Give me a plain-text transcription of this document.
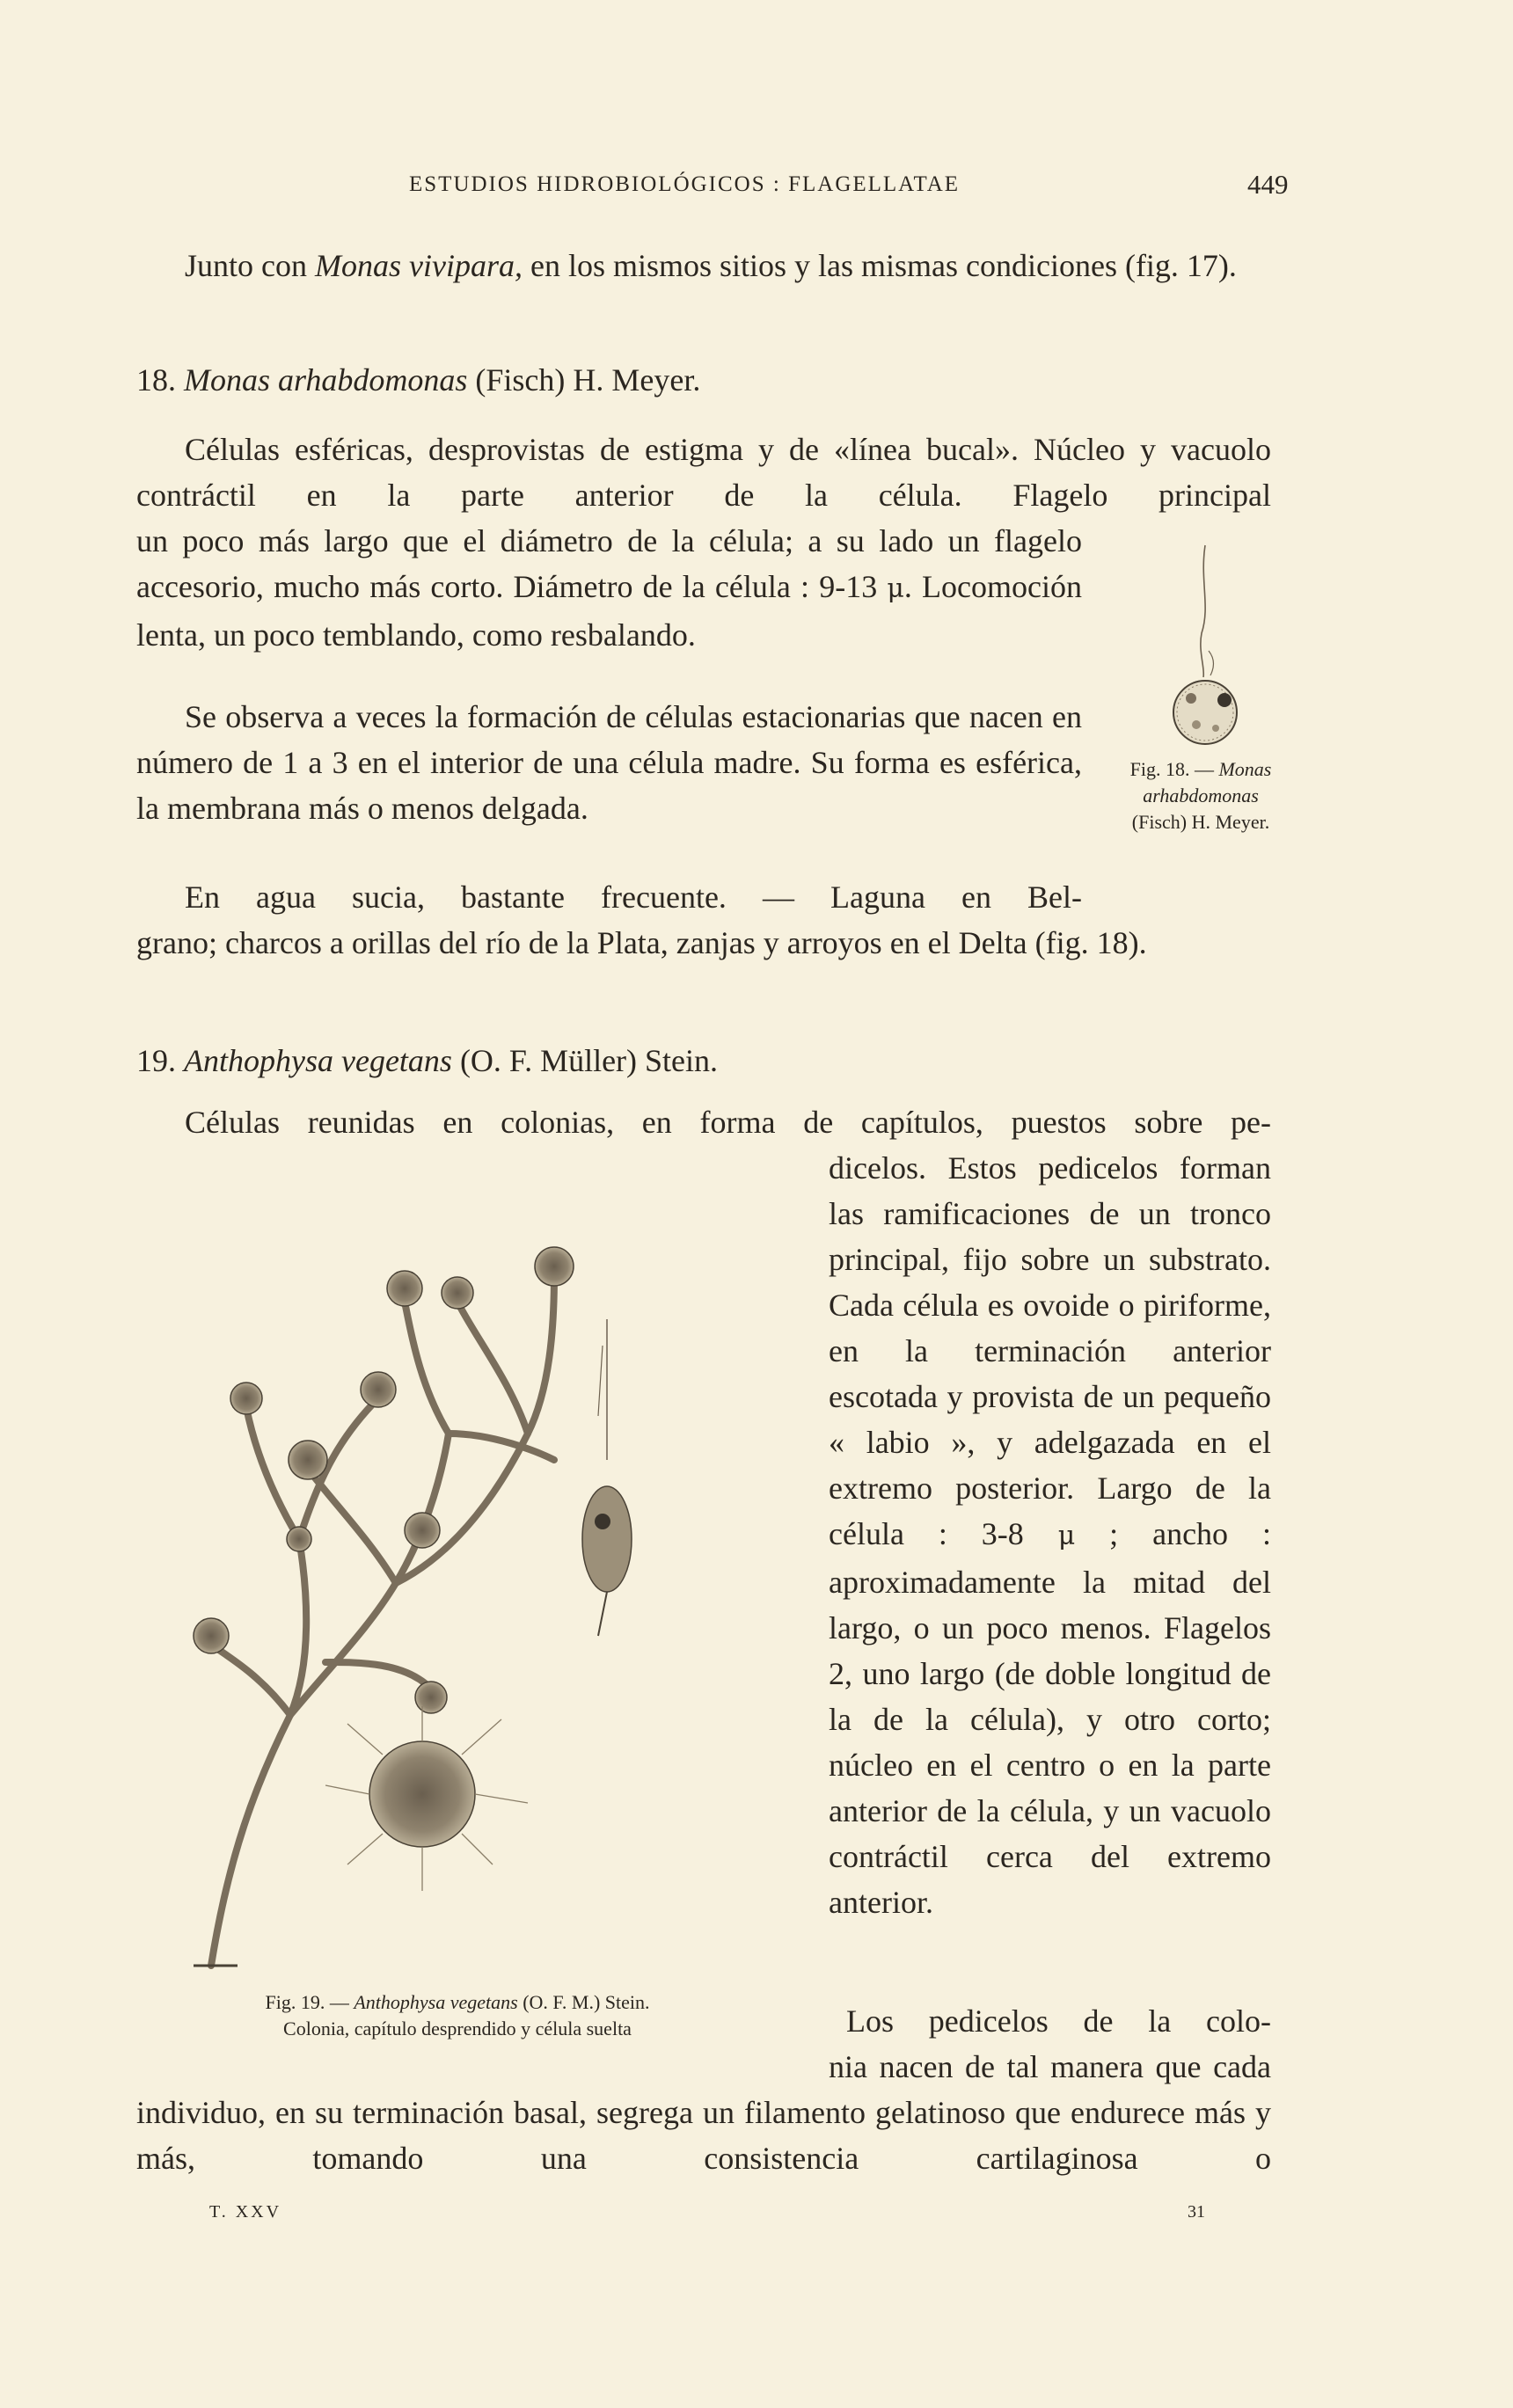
ESTUDIOS HIDROBIOLÓGICOS : FLAGELLATAE	449

Junto con Monas vivipara, en los mismos sitios y las mismas condiciones (fig. 17).

18. Monas arhabdomonas (Fisch) H. Meyer.

Células esféricas, desprovistas de estigma y de «línea bucal». Núcleo y vacuolo contráctil en la parte anterior de la célula. Flagelo principal

un poco más largo que el diámetro de la célula; a su lado un flagelo accesorio, mucho más corto. Diámetro de la célula : 9-13 μ. Locomoción lenta, un poco temblando, como resbalando.

Se observa a veces la formación de células estacionarias que nacen en número de 1 a 3 en el interior de una célula madre. Su forma es esférica, la membrana más o menos delgada.

En agua sucia, bastante frecuente. — Laguna en Bel-

grano; charcos a orillas del río de la Plata, zanjas y arroyos en el Delta (fig. 18).

Fig. 18. — Monas arhabdomonas (Fisch) H. Meyer.

19. Anthophysa vegetans (O. F. Müller) Stein.

Células reunidas en colonias, en forma de capítulos, puestos sobre pe-

dicelos. Estos pedicelos forman las ramificaciones de un tronco principal, fijo sobre un substrato. Cada célula es ovoide o piriforme, en la terminación anterior escotada y provista de un pequeño « labio », y adelgazada en el extremo posterior. Largo de la célula : 3-8 μ ; ancho : aproximadamente la mitad del largo, o un poco menos. Flagelos 2, uno largo (de doble longitud de la de la célula), y otro corto; núcleo en el centro o en la parte anterior de la célula, y un vacuolo contráctil cerca del extremo anterior.

Los pedicelos de la colo-

nia nacen de tal manera que cada individuo, en su terminación basal, segrega un filamento gelatinoso que endurece más y más, tomando una consistencia cartilaginosa o

Fig. 19. — Anthophysa vegetans (O. F. M.) Stein.
Colonia, capítulo desprendido y célula suelta
T. XXV	31
